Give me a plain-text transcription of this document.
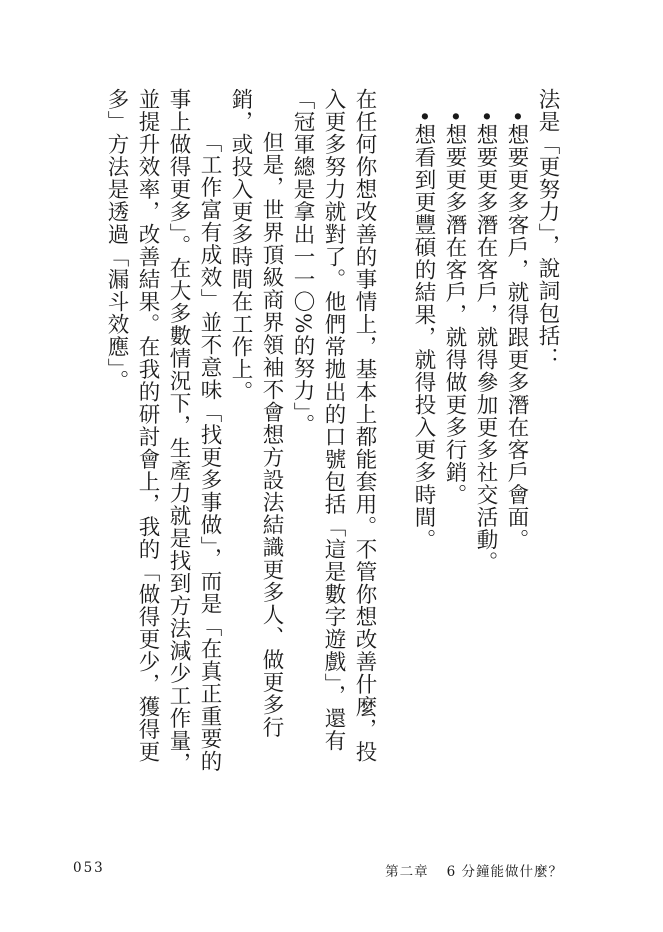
法是「更努力」，說詞包括：

•想要更多客戶，就得跟更多潛在客戶會面。

•想要更多潛在客戶，就得參加更多社交活動。

•想要更多潛在客戶，就得做更多行銷。

•想看到更豐碩的結果，就得投入更多時間。

在任何你想改善的事情上，基本上都能套用。不管你想改善什麼，投入更多努力就對了。他們常拋出的口號包括「這是數字遊戲」，還有「冠軍總是拿出一一〇%的努力」。

但是，世界頂級商界領袖不會想方設法結識更多人、做更多行銷，或投入更多時間在工作上。

「工作富有成效」並不意味「找更多事做」，而是「在真正重要的事上做得更多」。在大多數情況下，生產力就是找到方法減少工作量，並提升效率，改善結果。在我的研討會上，我的「做得更少，獲得更多」方法是透過「漏斗效應」。

053	第二章 6 分鐘能做什麼？
